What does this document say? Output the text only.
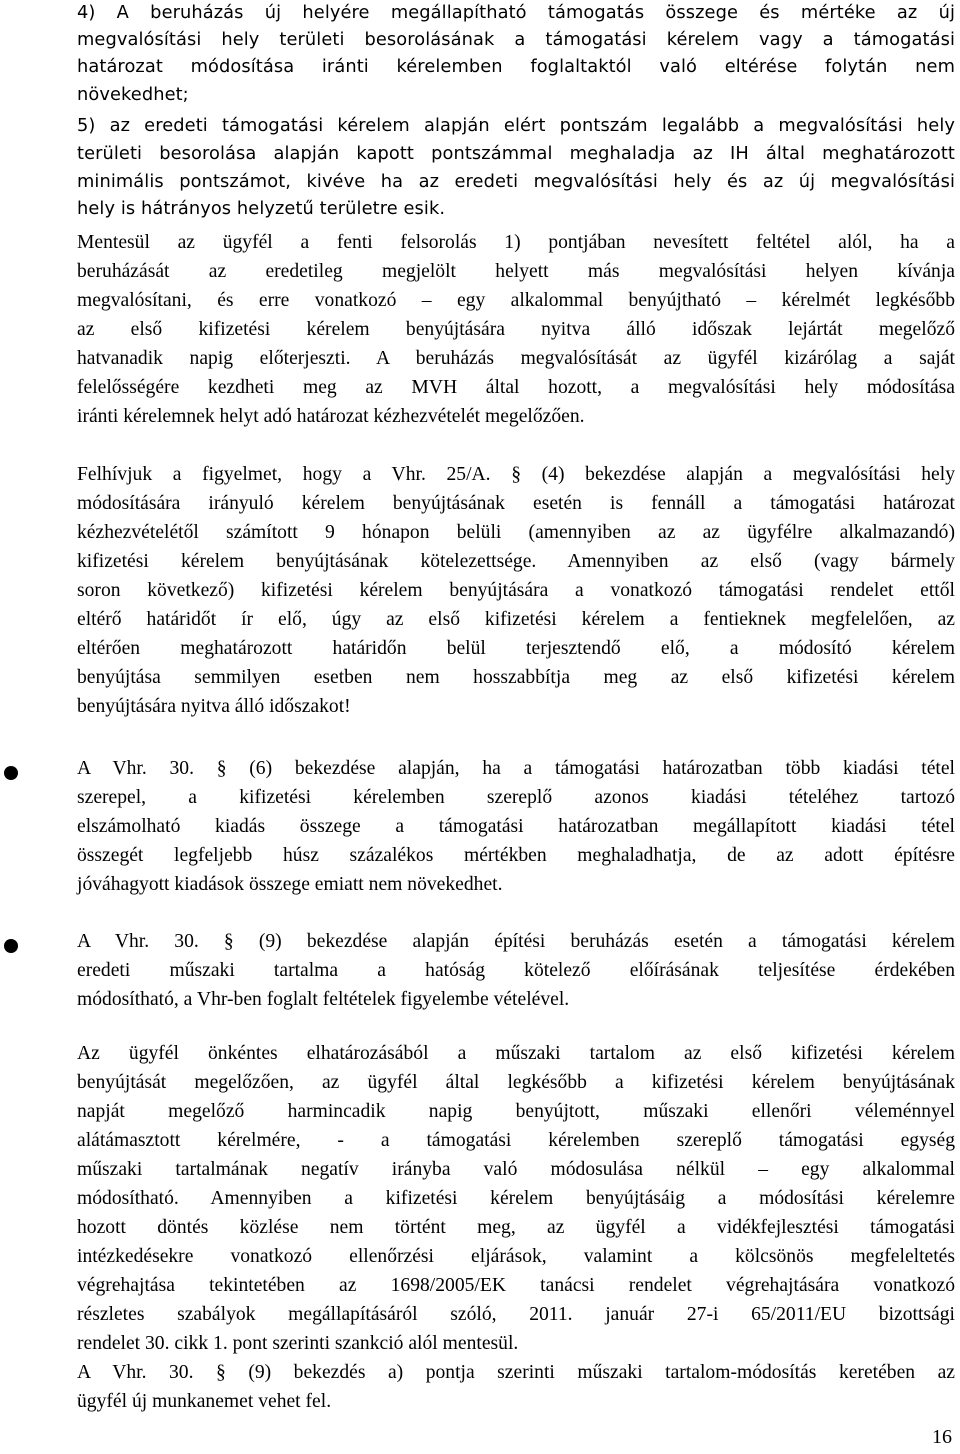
4) A beruházás új helyére megállapítható támogatás összege és mértéke az új
megvalósítási hely területi besorolásának a támogatási kérelem vagy a támogatási
határozat módosítása iránti kérelemben foglaltaktól való eltérése folytán nem
növekedhet;
5) az eredeti támogatási kérelem alapján elért pontszám legalább a megvalósítási hely
területi besorolása alapján kapott pontszámmal meghaladja az IH által meghatározott
minimális pontszámot, kivéve ha az eredeti megvalósítási hely és az új megvalósítási
hely is hátrányos helyzetű területre esik.
Mentesül az ügyfél a fenti felsorolás 1) pontjában nevesített feltétel alól, ha a
beruházását az eredetileg megjelölt helyett más megvalósítási helyen kívánja
megvalósítani, és erre vonatkozó – egy alkalommal benyújtható – kérelmét legkésőbb
az első kifizetési kérelem benyújtására nyitva álló időszak lejártát megelőző
hatvanadik napig előterjeszti. A beruházás megvalósítását az ügyfél kizárólag a saját
felelősségére kezdheti meg az MVH által hozott, a megvalósítási hely módosítása
iránti kérelemnek helyt adó határozat kézhezvételét megelőzően.
Felhívjuk a figyelmet, hogy a Vhr. 25/A. § (4) bekezdése alapján a megvalósítási hely
módosítására irányuló kérelem benyújtásának esetén is fennáll a támogatási határozat
kézhezvételétől számított 9 hónapon belüli (amennyiben az az ügyfélre alkalmazandó)
kifizetési kérelem benyújtásának kötelezettsége. Amennyiben az első (vagy bármely
soron következő) kifizetési kérelem benyújtására a vonatkozó támogatási rendelet ettől
eltérő határidőt ír elő, úgy az első kifizetési kérelem a fentieknek megfelelően, az
eltérően meghatározott határidőn belül terjesztendő elő, a módosító kérelem
benyújtása semmilyen esetben nem hosszabbítja meg az első kifizetési kérelem
benyújtására nyitva álló időszakot!
A Vhr. 30. § (6) bekezdése alapján, ha a támogatási határozatban több kiadási tétel
szerepel, a kifizetési kérelemben szereplő azonos kiadási tételéhez tartozó
elszámolható kiadás összege a támogatási határozatban megállapított kiadási tétel
összegét legfeljebb húsz százalékos mértékben meghaladhatja, de az adott építésre
jóváhagyott kiadások összege emiatt nem növekedhet.
A Vhr. 30. § (9) bekezdése alapján építési beruházás esetén a támogatási kérelem
eredeti műszaki tartalma a hatóság kötelező előírásának teljesítése érdekében
módosítható, a Vhr-ben foglalt feltételek figyelembe vételével.
Az ügyfél önkéntes elhatározásából a műszaki tartalom az első kifizetési kérelem
benyújtását megelőzően, az ügyfél által legkésőbb a kifizetési kérelem benyújtásának
napját megelőző harmincadik napig benyújtott, műszaki ellenőri véleménnyel
alátámasztott kérelmére, - a támogatási kérelemben szereplő támogatási egység
műszaki tartalmának negatív irányba való módosulása nélkül – egy alkalommal
módosítható. Amennyiben a kifizetési kérelem benyújtásáig a módosítási kérelemre
hozott döntés közlése nem történt meg, az ügyfél a vidékfejlesztési támogatási
intézkedésekre vonatkozó ellenőrzési eljárások, valamint a kölcsönös megfeleltetés
végrehajtása tekintetében az 1698/2005/EK tanácsi rendelet végrehajtására vonatkozó
részletes szabályok megállapításáról szóló, 2011. január 27-i 65/2011/EU bizottsági
rendelet 30. cikk 1. pont szerinti szankció alól mentesül.
A Vhr. 30. § (9) bekezdés a) pontja szerinti műszaki tartalom-módosítás keretében az
ügyfél új munkanemet vehet fel.
16
